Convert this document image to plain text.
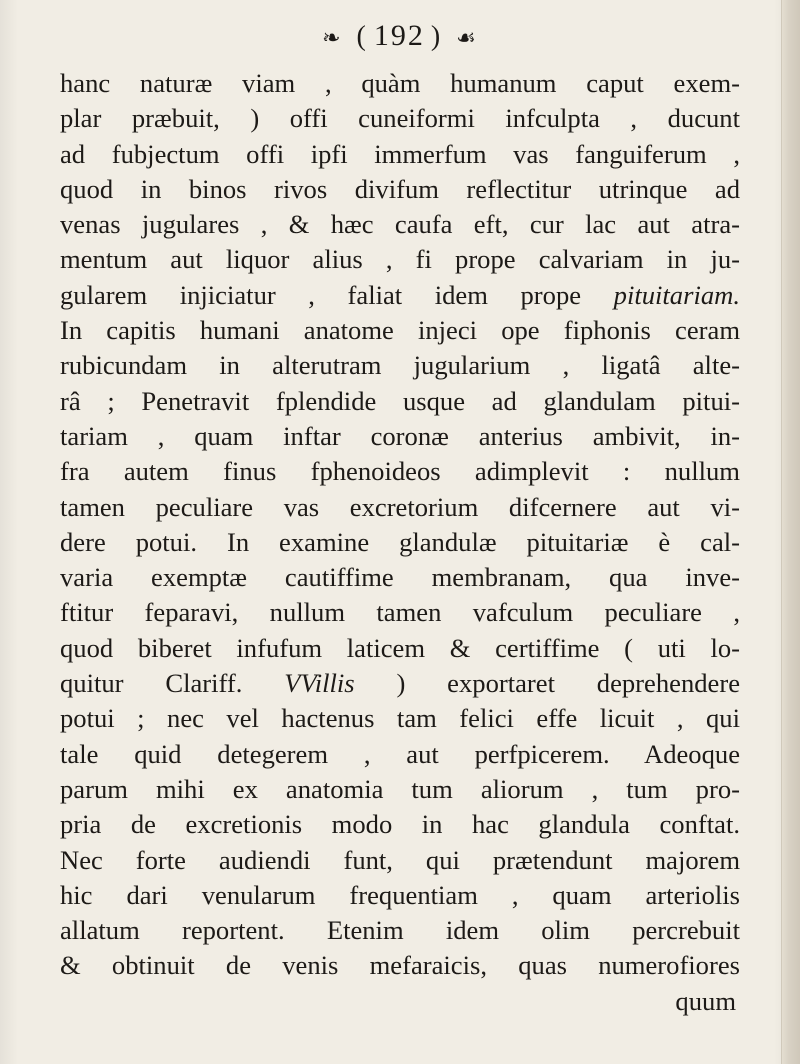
❧ ( 192 ) ☙
hanc naturæ viam , quàm humanum caput exem-
plar præbuit, ) offi cuneiformi infculpta , ducunt
ad fubjectum offi ipfi immerfum vas fanguiferum ,
quod in binos rivos divifum reflectitur utrinque ad
venas jugulares , & hæc caufa eft, cur lac aut atra-
mentum aut liquor alius , fi prope calvariam in ju-
gularem injiciatur , faliat idem prope pituitariam.
In capitis humani anatome injeci ope fiphonis ceram
rubicundam in alterutram jugularium , ligatâ alte-
râ ; Penetravit fplendide usque ad glandulam pitui-
tariam , quam inftar coronæ anterius ambivit, in-
fra autem finus fphenoideos adimplevit : nullum
tamen peculiare vas excretorium difcernere aut vi-
dere potui. In examine glandulæ pituitariæ è cal-
varia exemptæ cautiffime membranam, qua inve-
ftitur feparavi, nullum tamen vafculum peculiare ,
quod biberet infufum laticem & certiffime ( uti lo-
quitur Clariff. VVillis ) exportaret deprehendere
potui ; nec vel hactenus tam felici effe licuit , qui
tale quid detegerem , aut perfpicerem. Adeoque
parum mihi ex anatomia tum aliorum , tum pro-
pria de excretionis modo in hac glandula conftat.
Nec forte audiendi funt, qui prætendunt majorem
hic dari venularum frequentiam , quam arteriolis
allatum reportent. Etenim idem olim percrebuit
& obtinuit de venis mefaraicis, quas numerofiores
quum
